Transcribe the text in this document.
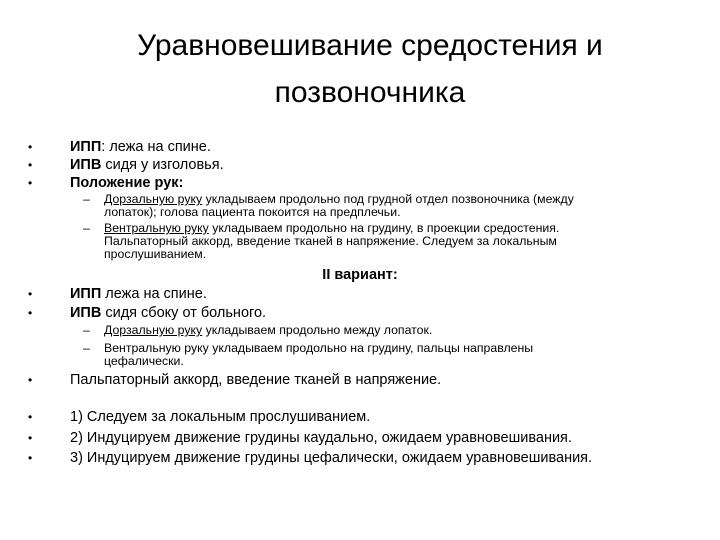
Уравновешивание средостения и
позвоночника
•	ИПП: лежа на спине.
•	ИПВ сидя у изголовья.
•	Положение рук:
– Дорзальную руку укладываем продольно под грудной отдел позвоночника (между
лопаток); голова пациента покоится на предплечьи.
– Вентральную руку укладываем продольно на грудину, в проекции средостения.
Пальпаторный аккорд, введение тканей в напряжение. Следуем за локальным
прослушиванием.
II вариант:
•	ИПП лежа на спине.
•	ИПВ сидя сбоку от больного.
– Дорзальную руку укладываем продольно между лопаток.
– Вентральную руку укладываем продольно на грудину, пальцы направлены
цефалически.
•	Пальпаторный аккорд, введение тканей в напряжение.
•	1) Следуем за локальным прослушиванием.
•	2) Индуцируем движение грудины каудально, ожидаем уравновешивания.
•	3) Индуцируем движение грудины цефалически, ожидаем уравновешивания.
